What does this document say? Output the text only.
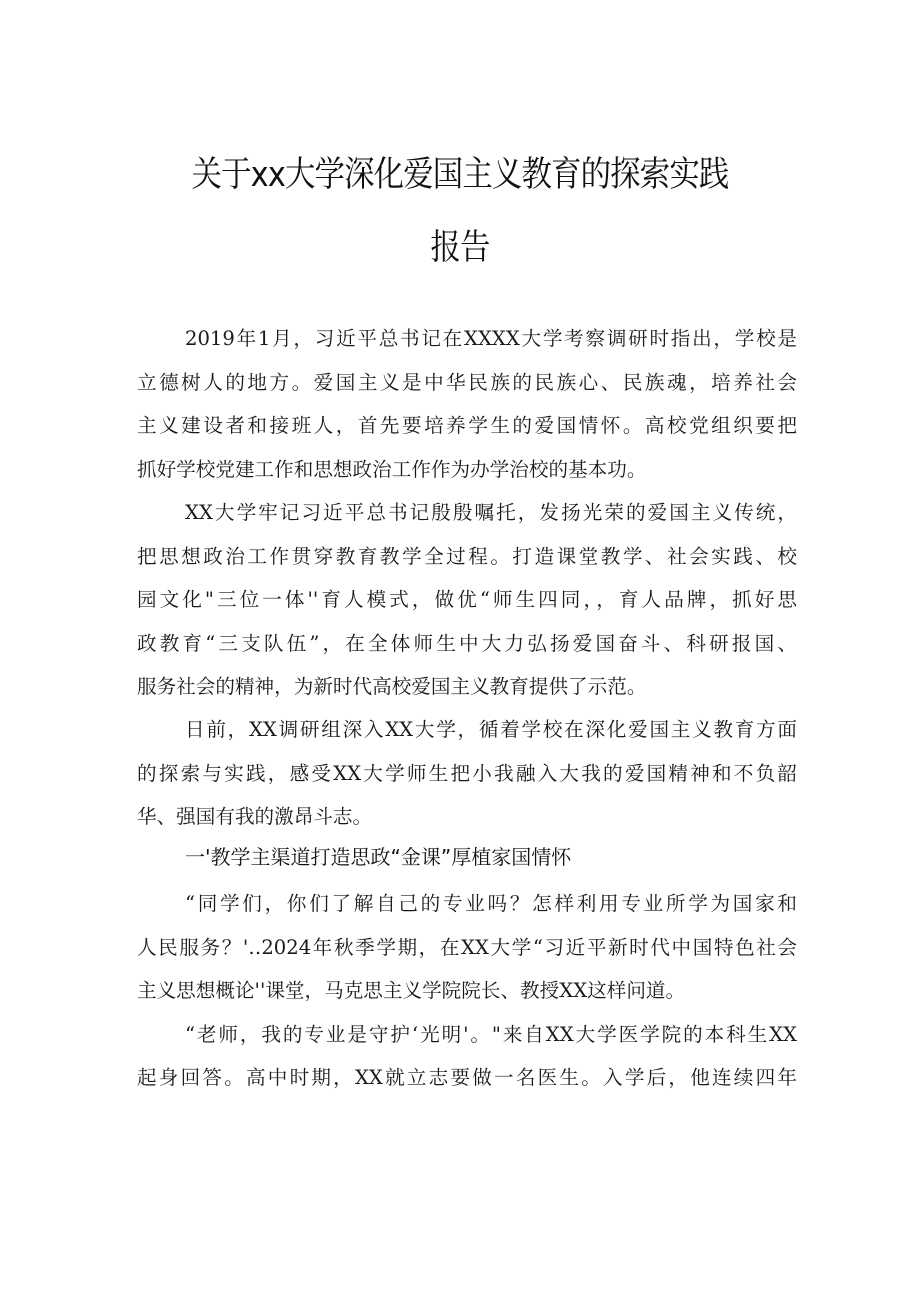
关于xx大学深化爱国主义教育的探索实践
报告
2019年1月，习近平总书记在XXXX大学考察调研时指出，学校是
立德树人的地方。爱国主义是中华民族的民族心、民族魂，培养社会
主义建设者和接班人，首先要培养学生的爱国情怀。高校党组织要把
抓好学校党建工作和思想政治工作作为办学治校的基本功。
XX大学牢记习近平总书记殷殷嘱托，发扬光荣的爱国主义传统，
把思想政治工作贯穿教育教学全过程。打造课堂教学、社会实践、校
园文化"三位一体''育人模式，做优“师生四同，，育人品牌，抓好思
政教育“三支队伍”，在全体师生中大力弘扬爱国奋斗、科研报国、
服务社会的精神，为新时代高校爱国主义教育提供了示范。
日前，XX调研组深入XX大学，循着学校在深化爱国主义教育方面
的探索与实践，感受XX大学师生把小我融入大我的爱国精神和不负韶
华、强国有我的激昂斗志。
一'教学主渠道打造思政“金课”厚植家国情怀
“同学们，你们了解自己的专业吗？怎样利用专业所学为国家和
人民服务？'‥2024年秋季学期，在XX大学“习近平新时代中国特色社会
主义思想概论''课堂，马克思主义学院院长、教授XX这样问道。
“老师，我的专业是守护‘光明'。"来自XX大学医学院的本科生XX
起身回答。高中时期，XX就立志要做一名医生。入学后，他连续四年
